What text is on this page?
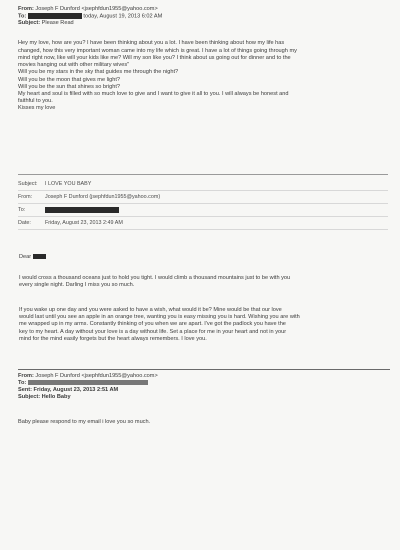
From: Joseph F Dunford <jsephfdun1955@yahoo.com>
To:	today, August 19, 2013 6:02 AM
Subject: Please Read

Hey my love, how are you? I have been thinking about you a lot. I have been thinking about how my life has

changed, how this very important woman came into my life which is great. I have a lot of things going through my

mind right now, like will your kids like me? Will my son like you? I think about us going out for dinner and to the

movies hanging out with other military wives"

Will you be my stars in the sky that guides me through the night?

Will you be the moon that gives me light?

Will you be the sun that shines so bright?

My heart and soul is filled with so much love to give and I want to give it all to you. I will always be honest and

faithful to you.

Kisses my love

Subject:	I LOVE YOU BABY
From:	Joseph F Dunford (jsephfdun1955@yahoo.com)
To:
Date:	Friday, August 23, 2013 2:49 AM
Dear

I would cross a thousand oceans just to hold you tight. I would climb a thousand mountains just to be with you

every single night. Darling I miss you so much.

If you wake up one day and you were asked to have a wish, what would it be? Mine would be that our love

would last until you see an apple in an orange tree, wanting you is easy missing you is hard. Wishing you are with

me wrapped up in my arms. Constantly thinking of you when we are apart. I've got the padlock you have the

key to my heart. A day without your love is a day without life. Set a place for me in your heart and not in your

mind for the mind easily forgets but the heart always remembers. I love you.

From: Joseph F Dunford <jsephfdun1955@yahoo.com>
To:
Sent: Friday, August 23, 2013 2:51 AM
Subject: Hello Baby
Baby please respond to my email i love you so much.
